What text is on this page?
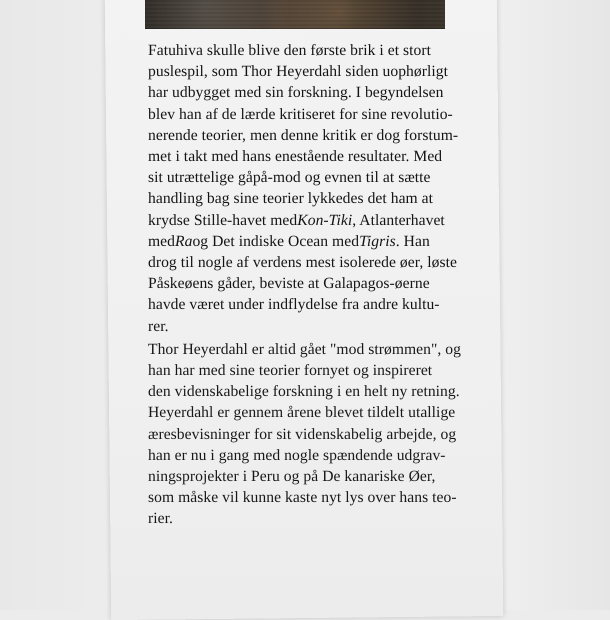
Fatuhiva skulle blive den første brik i et stort
puslespil, som Thor Heyerdahl siden uophørligt
har udbygget med sin forskning. I begyndelsen
blev han af de lærde kritiseret for sine revolutio-
nerende teorier, men denne kritik er dog forstum-
met i takt med hans enestående resultater. Med
sit utrættelige gåpå-mod og evnen til at sætte
handling bag sine teorier lykkedes det ham at
krydse Stille-havet med Kon-Tiki , Atlanterhavet
med Ra og Det indiske Ocean med Tigris . Han
drog til nogle af verdens mest isolerede øer, løste
Påskeøens gåder, beviste at Galapagos-øerne
havde været under indflydelse fra andre kultu-
rer.
Thor Heyerdahl er altid gået "mod strømmen", og
han har med sine teorier fornyet og inspireret
den videnskabelige forskning i en helt ny retning.
Heyerdahl er gennem årene blevet tildelt utallige
æresbevisninger for sit videnskabelig arbejde, og
han er nu i gang med nogle spændende udgrav-
ningsprojekter i Peru og på De kanariske Øer,
som måske vil kunne kaste nyt lys over hans teo-
rier.
